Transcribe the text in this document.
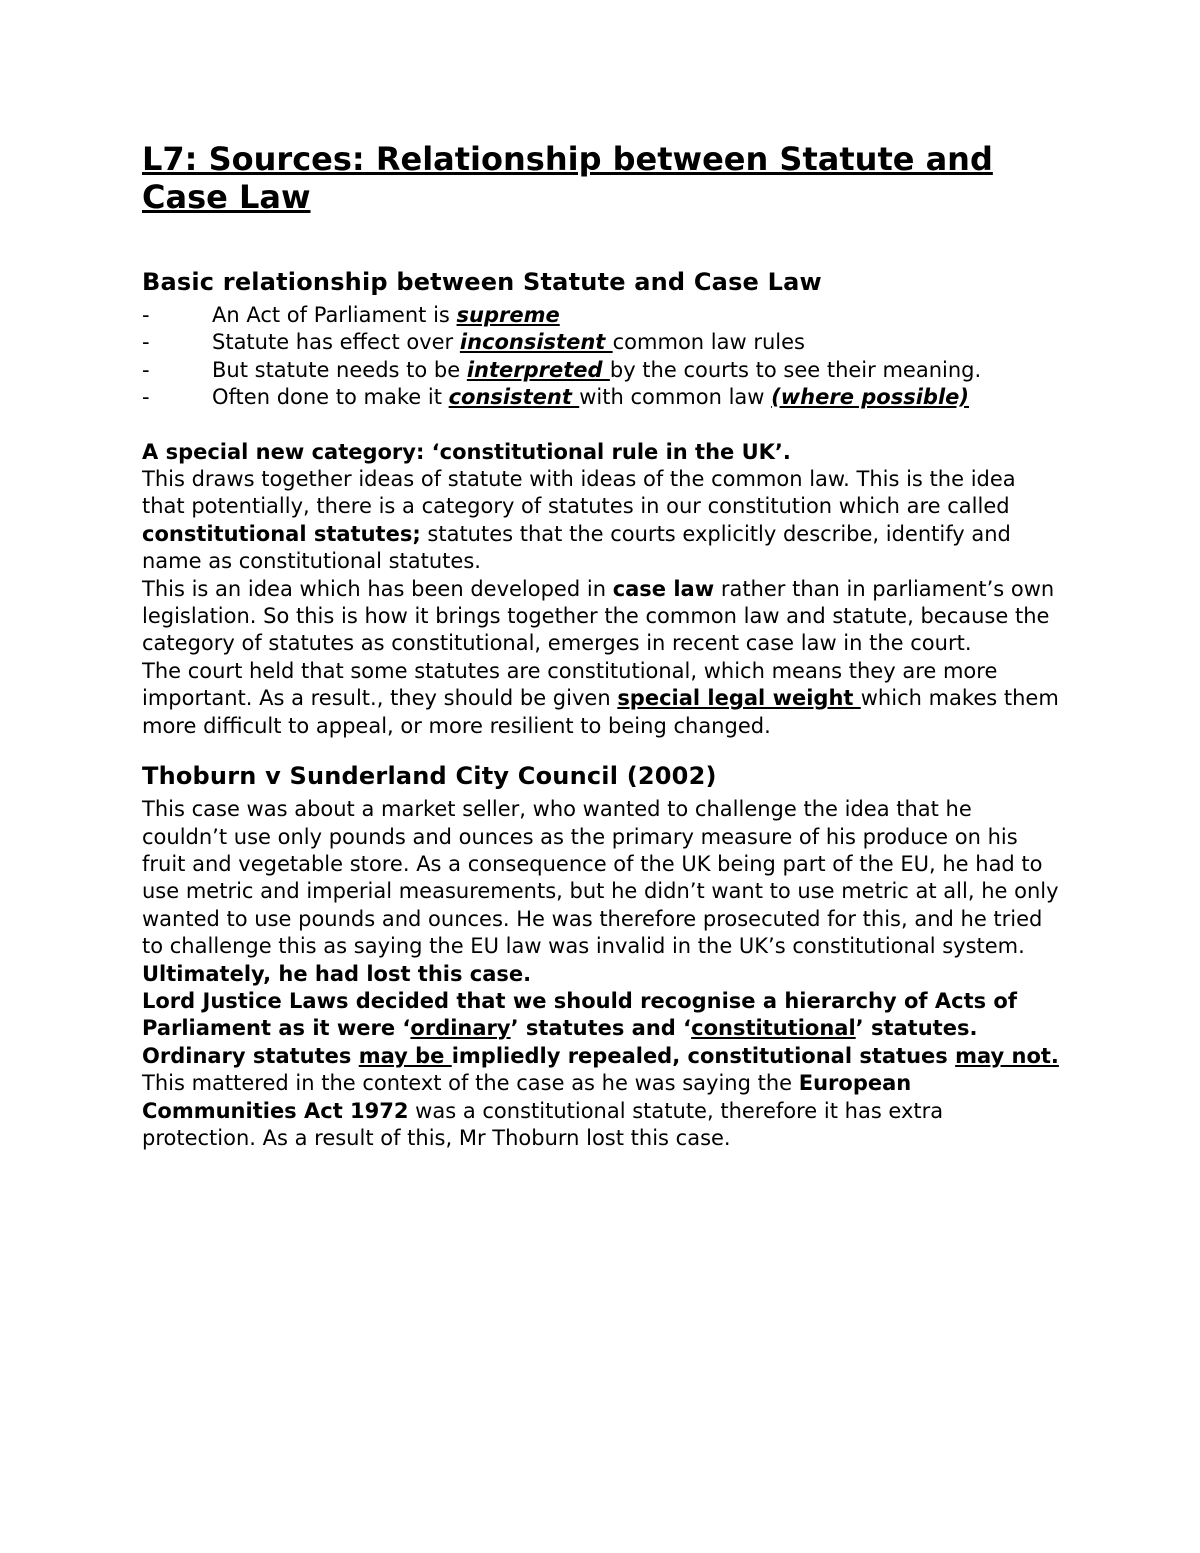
L7: Sources: Relationship between Statute and Case Law
Basic relationship between Statute and Case Law
-	An Act of Parliament is supreme
-	Statute has effect over inconsistent common law rules
-	But statute needs to be interpreted by the courts to see their meaning.
-	Often done to make it consistent with common law (where possible)

A special new category: ‘constitutional rule in the UK’.

This draws together ideas of statute with ideas of the common law. This is the idea that potentially, there is a category of statutes in our constitution which are called constitutional statutes; statutes that the courts explicitly describe, identify and name as constitutional statutes.

This is an idea which has been developed in case law rather than in parliament’s own legislation. So this is how it brings together the common law and statute, because the category of statutes as constitutional, emerges in recent case law in the court.

The court held that some statutes are constitutional, which means they are more important. As a result., they should be given special legal weight which makes them more difficult to appeal, or more resilient to being changed.

Thoburn v Sunderland City Council (2002)

This case was about a market seller, who wanted to challenge the idea that he couldn’t use only pounds and ounces as the primary measure of his produce on his fruit and vegetable store. As a consequence of the UK being part of the EU, he had to use metric and imperial measurements, but he didn’t want to use metric at all, he only wanted to use pounds and ounces. He was therefore prosecuted for this, and he tried to challenge this as saying the EU law was invalid in the UK’s constitutional system.

Ultimately, he had lost this case.

Lord Justice Laws decided that we should recognise a hierarchy of Acts of Parliament as it were ‘ordinary’ statutes and ‘constitutional’ statutes.

Ordinary statutes may be impliedly repealed, constitutional statues may not.

This mattered in the context of the case as he was saying the European Communities Act 1972 was a constitutional statute, therefore it has extra protection. As a result of this, Mr Thoburn lost this case.
